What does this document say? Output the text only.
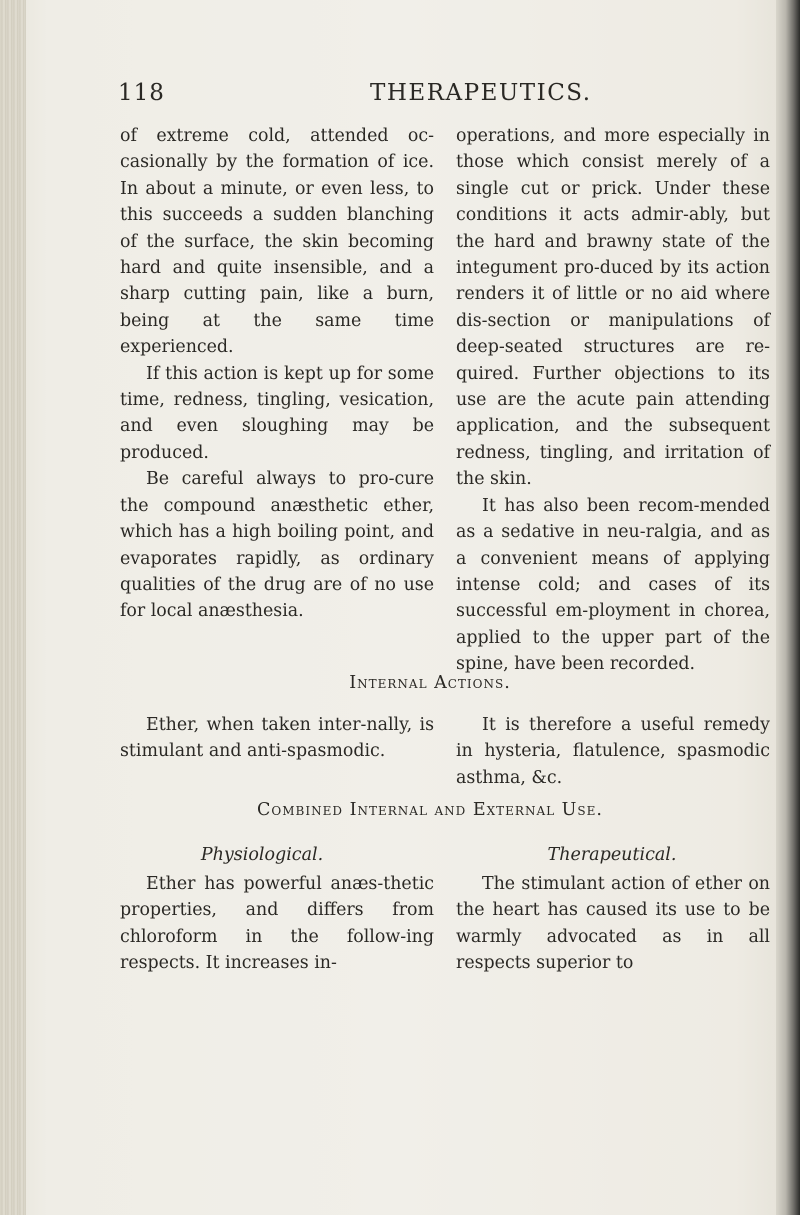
118	THERAPEUTICS.

of extreme cold, attended oc-casionally by the formation of ice. In about a minute, or even less, to this succeeds a sudden blanching of the surface, the skin becoming hard and quite insensible, and a sharp cutting pain, like a burn, being at the same time experienced.

If this action is kept up for some time, redness, tingling, vesication, and even sloughing may be produced.

Be careful always to pro-cure the compound anæsthetic ether, which has a high boiling point, and evaporates rapidly, as ordinary qualities of the drug are of no use for local anæsthesia.

operations, and more especially in those which consist merely of a single cut or prick. Under these conditions it acts admir-ably, but the hard and brawny state of the integument pro-duced by its action renders it of little or no aid where dis-section or manipulations of deep-seated structures are re-quired. Further objections to its use are the acute pain attending application, and the subsequent redness, tingling, and irritation of the skin.

It has also been recom-mended as a sedative in neu-ralgia, and as a convenient means of applying intense cold; and cases of its successful em-ployment in chorea, applied to the upper part of the spine, have been recorded.

Internal Actions.

Ether, when taken inter-nally, is stimulant and anti-spasmodic.

It is therefore a useful remedy in hysteria, flatulence, spasmodic asthma, &c.

Combined Internal and External Use.
Physiological.	Therapeutical.

Ether has powerful anæs-thetic properties, and differs from chloroform in the follow-ing respects. It increases in-

The stimulant action of ether on the heart has caused its use to be warmly advocated as in all respects superior to
